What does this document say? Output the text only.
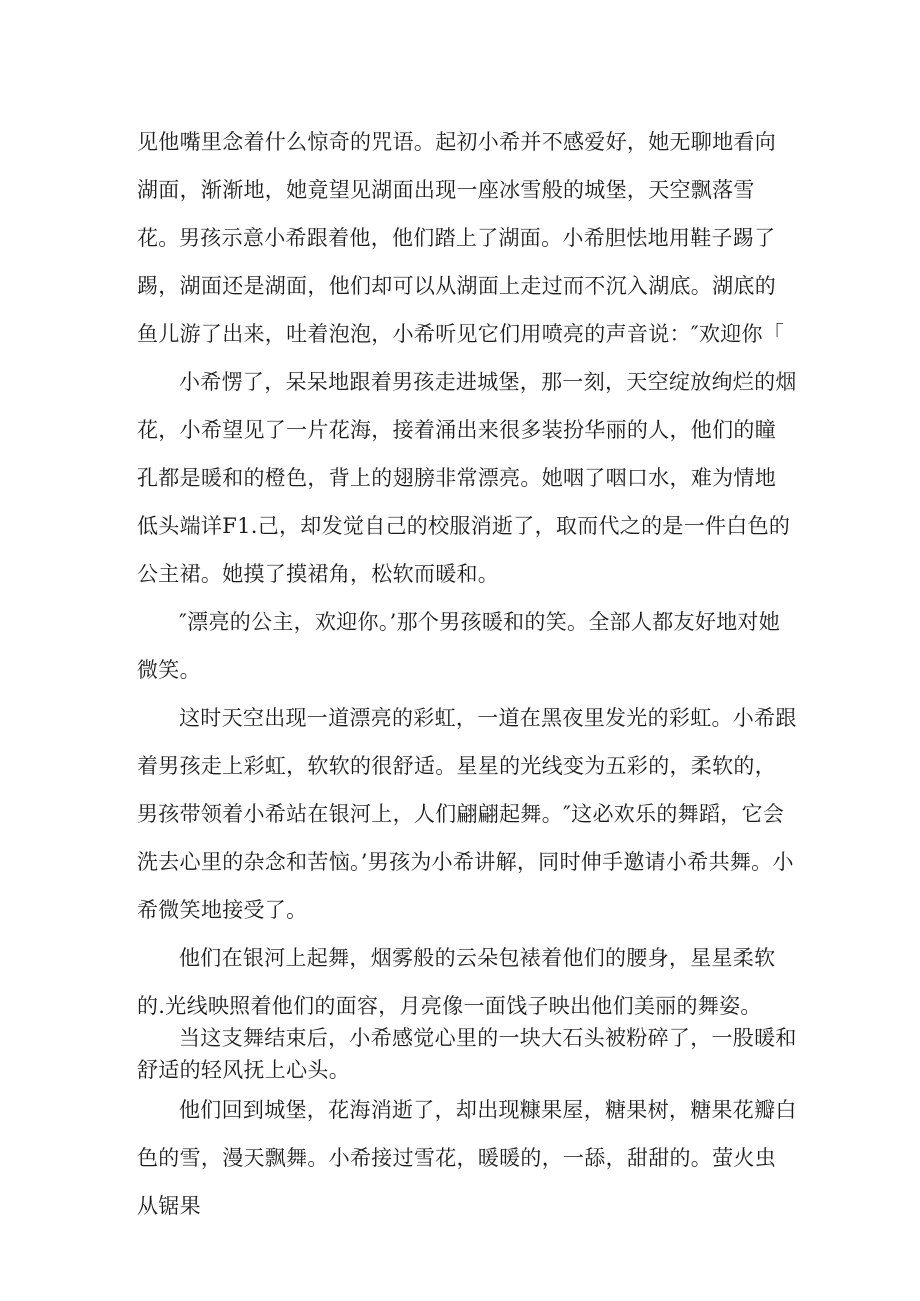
见他嘴里念着什么惊奇的咒语。起初小希并不感爱好，她无聊地看向湖面，渐渐地，她竟望见湖面出现一座冰雪般的城堡，天空飘落雪花。 男孩示意小希跟着他，他们踏上了湖面。小希胆怯地用鞋子踢了踢，湖面还是湖面，他们却可以从湖面上走过而不沉入湖底。湖底的鱼儿游了出来，吐着泡泡，小希听见它们用喷亮的声音说：″欢迎你「

小希愣了，呆呆地跟着男孩走进城堡，那一刻，天空绽放绚烂的烟花，小希望见了一片花海，接着涌出来很多装扮华丽的人，他们的瞳孔都是暖和的橙色，背上的翅膀非常漂亮。她咽了咽口水，难为情地低头端详F1.己，却发觉自己的校服消逝了，取而代之的是一件白色的公主裙。她摸了摸裙角，松软而暖和。

″漂亮的公主，欢迎你。’那个男孩暖和的笑。全部人都友好地对她微笑。

这时天空出现一道漂亮的彩虹，一道在黑夜里发光的彩虹。小希跟着男孩走上彩虹，软软的很舒适。星星的光线变为五彩的，柔软的，男孩带领着小希站在银河上，人们翩翩起舞。″这必欢乐的舞蹈，它会洗去心里的杂念和苦恼。’男孩为小希讲解，同时伸手邀请小希共舞。小希微笑地接受了。

他们在银河上起舞，烟雾般的云朵包裱着他们的腰身，星星柔软的.光线映照着他们的面容，月亮像一面饯子映出他们美丽的舞姿。

当这支舞结束后，小希感觉心里的一块大石头被粉碎了，一股暖和舒适的轻风抚上心头。

他们回到城堡，花海消逝了，却出现糠果屋，糖果树，糖果花瓣白色的雪，漫天飘舞。小希接过雪花，暖暖的，一舔，甜甜的。萤火虫从锯果
